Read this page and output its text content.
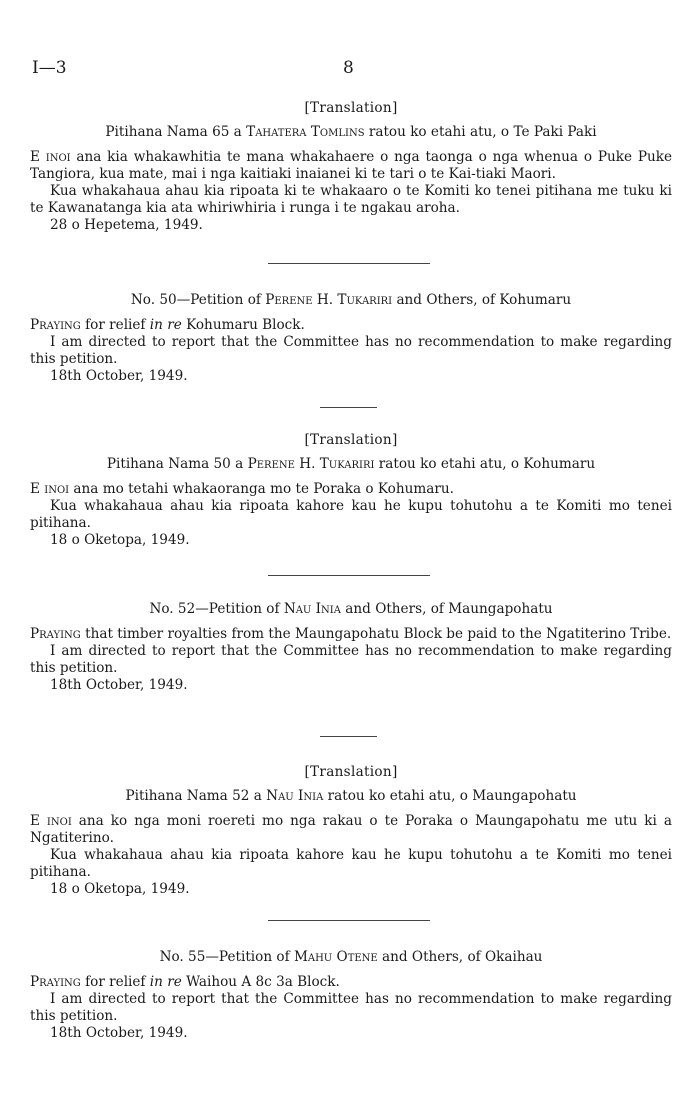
I—3	8

[Translation]

Pitihana Nama 65 a Tahatera Tomlins ratou ko etahi atu, o Te Paki Paki

E inoi ana kia whakawhitia te mana whakahaere o nga taonga o nga whenua o Puke Puke Tangiora, kua mate, mai i nga kaitiaki inaianei ki te tari o te Kai-tiaki Maori.

Kua whakahaua ahau kia ripoata ki te whakaaro o te Komiti ko tenei pitihana me tuku ki te Kawanatanga kia ata whiriwhiria i runga i te ngakau aroha.

28 o Hepetema, 1949.

No. 50—Petition of Perene H. Tukariri and Others, of Kohumaru

Praying for relief in re Kohumaru Block.

I am directed to report that the Committee has no recommendation to make regarding this petition.

18th October, 1949.

[Translation]

Pitihana Nama 50 a Perene H. Tukariri ratou ko etahi atu, o Kohumaru

E inoi ana mo tetahi whakaoranga mo te Poraka o Kohumaru.

Kua whakahaua ahau kia ripoata kahore kau he kupu tohutohu a te Komiti mo tenei pitihana.

18 o Oketopa, 1949.

No. 52—Petition of Nau Inia and Others, of Maungapohatu

Praying that timber royalties from the Maungapohatu Block be paid to the Ngatiterino Tribe.

I am directed to report that the Committee has no recommendation to make regarding this petition.

18th October, 1949.

[Translation]

Pitihana Nama 52 a Nau Inia ratou ko etahi atu, o Maungapohatu

E inoi ana ko nga moni roereti mo nga rakau o te Poraka o Maungapohatu me utu ki a Ngatiterino.

Kua whakahaua ahau kia ripoata kahore kau he kupu tohutohu a te Komiti mo tenei pitihana.

18 o Oketopa, 1949.

No. 55—Petition of Mahu Otene and Others, of Okaihau

Praying for relief in re Waihou A 8c 3a Block.

I am directed to report that the Committee has no recommendation to make regarding this petition.

18th October, 1949.
